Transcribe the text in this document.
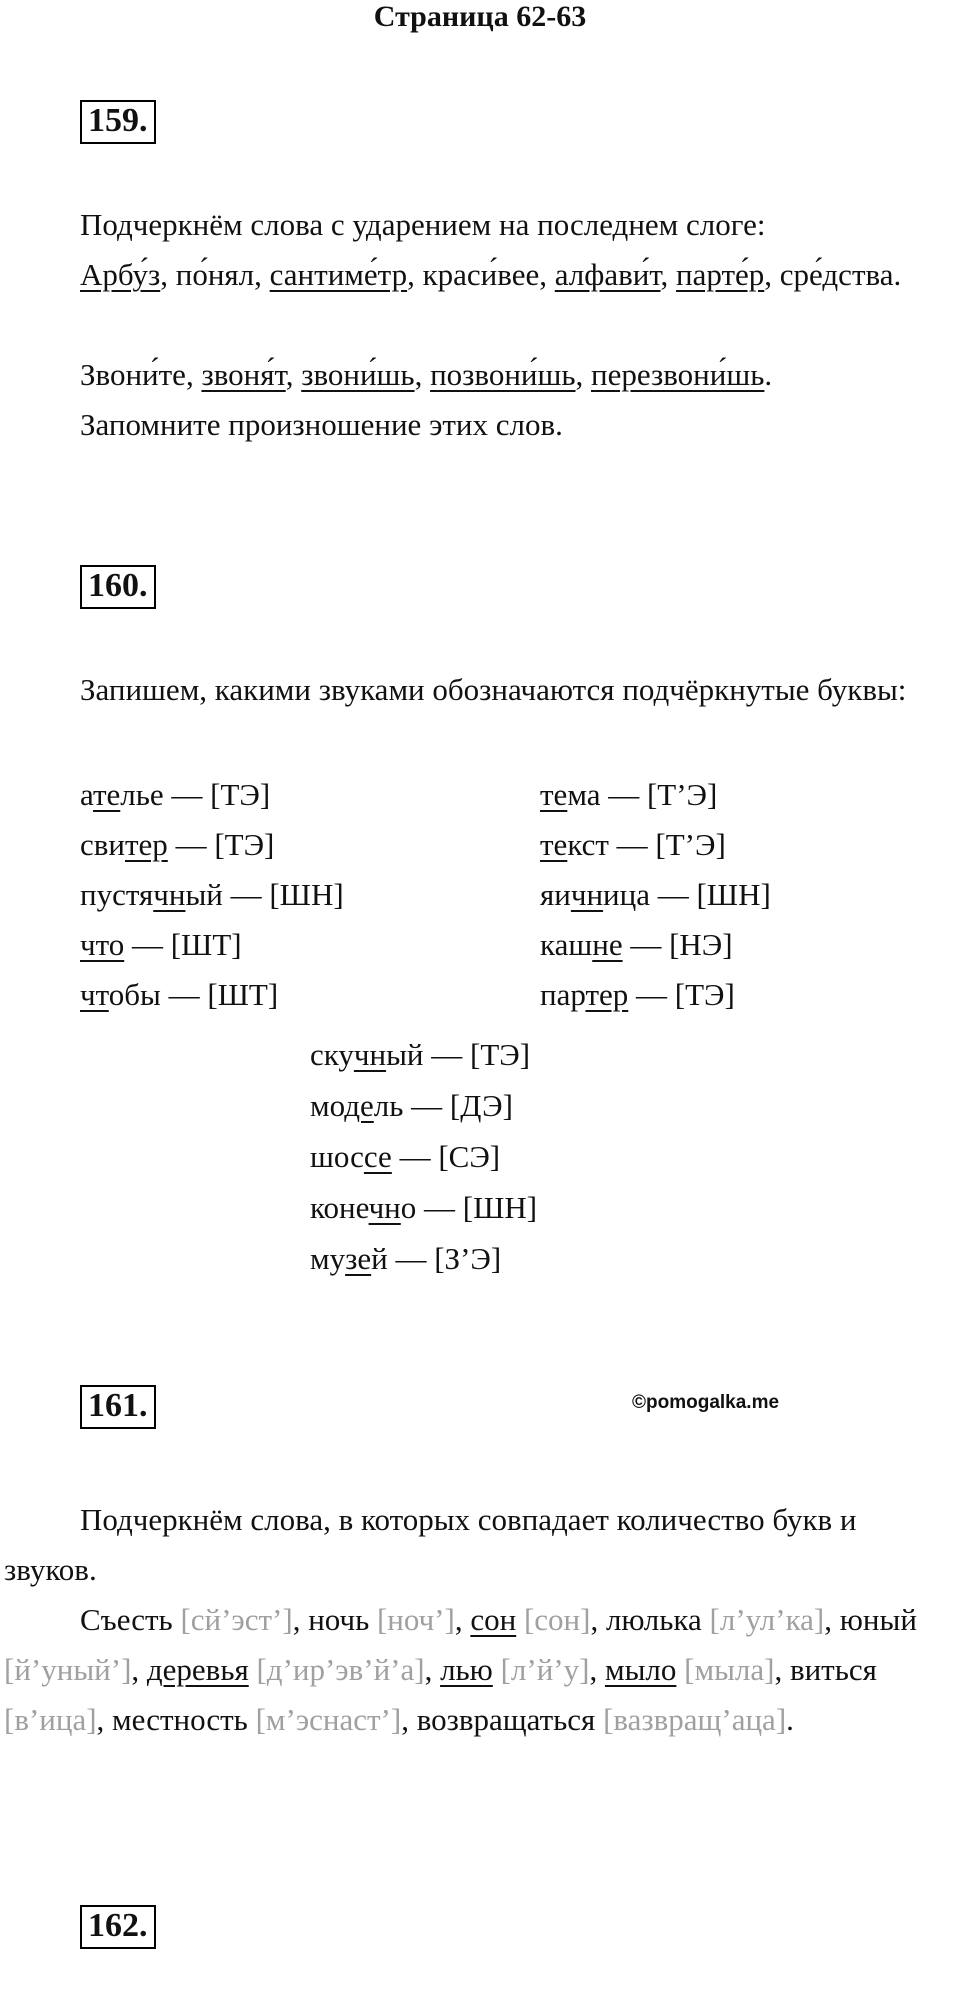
Страница 62-63
159.

Подчеркнём слова с ударением на последнем слоге:

Арбу́з, по́нял, сантиме́тр, краси́вее, алфави́т, парте́р, сре́дства.

Звони́те, звоня́т, звони́шь, позвони́шь, перезвони́шь.

Запомните произношение этих слов.

160.

Запишем, какими звуками обозначаются подчёркнутые буквы:

ателье — [ТЭ]

свитер — [ТЭ]

пустячный — [ШН]

что — [ШТ]

чтобы — [ШТ]

тема — [Т’Э]

текст — [Т’Э]

яичница — [ШН]

кашне — [НЭ]

партер — [ТЭ]

скучный — [ТЭ]

модель — [ДЭ]

шоссе — [СЭ]

конечно — [ШН]

музей — [З’Э]

161.	©pomogalka.me

Подчеркнём слова, в которых совпадает количество букв и звуков.

Съесть [сй’эст’], ночь [ноч’], сон [сон], люлька [л’ул’ка], юный [й’уный’], деревья [д’ир’эв’й’а], лью [л’й’у], мыло [мыла], виться [в’ица], местность [м’эснаст’], возвращаться [вазвращ’аца].

162.
